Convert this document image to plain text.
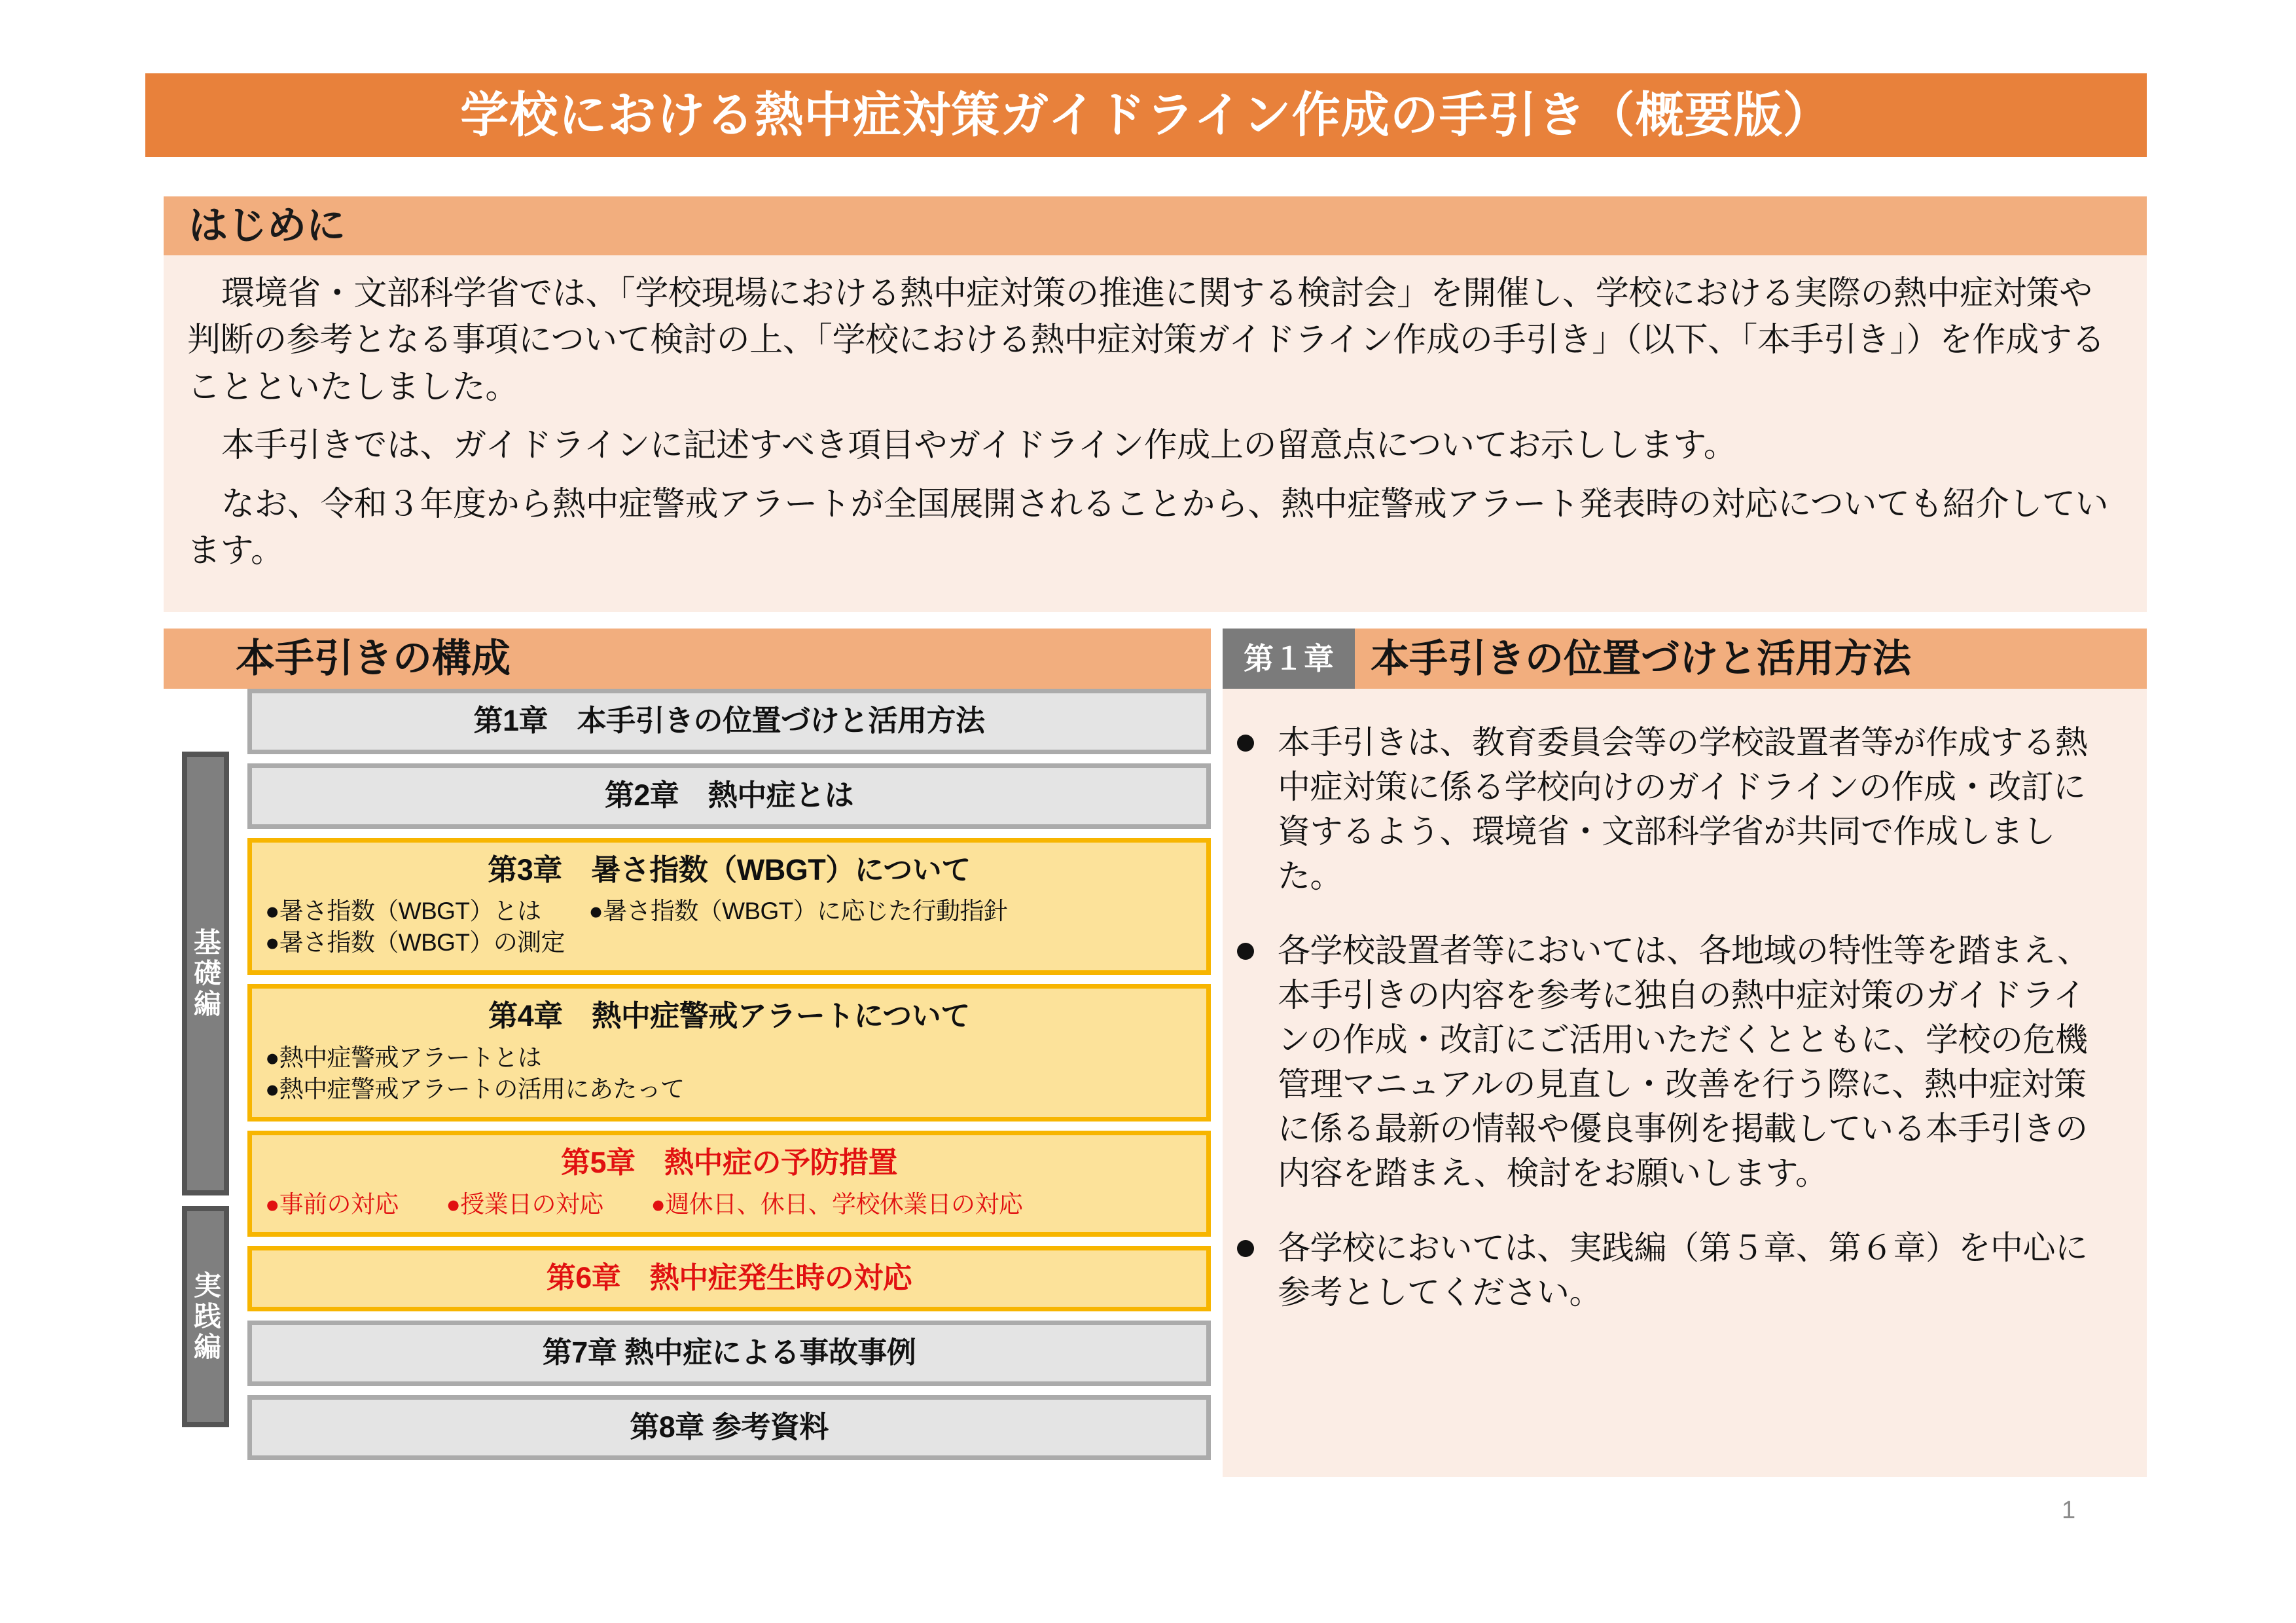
学校における熱中症対策ガイドライン作成の手引き（概要版）
はじめに

環境省・文部科学省では、「学校現場における熱中症対策の推進に関する検討会」を開催し、学校における実際の熱中症対策や判断の参考となる事項について検討の上、「学校における熱中症対策ガイドライン作成の手引き」（以下、「本手引き」）を作成することといたしました。

本手引きでは、ガイドラインに記述すべき項目やガイドライン作成上の留意点についてお示しします。

なお、令和３年度から熱中症警戒アラートが全国展開されることから、熱中症警戒アラート発表時の対応についても紹介しています。

本手引きの構成	第１章 本手引きの位置づけと活用方法
基礎編
実践編
第1章　本手引きの位置づけと活用方法
第2章　熱中症とは
第3章　暑さ指数（WBGT）について
●暑さ指数（WBGT）とは　　●暑さ指数（WBGT）に応じた行動指針
●暑さ指数（WBGT）の測定
第4章　熱中症警戒アラートについて
●熱中症警戒アラートとは
●熱中症警戒アラートの活用にあたって
第5章　熱中症の予防措置
●事前の対応　　●授業日の対応　　●週休日、休日、学校休業日の対応
第6章　熱中症発生時の対応
第7章 熱中症による事故事例
第8章 参考資料
本手引きは、教育委員会等の学校設置者等が作成する熱中症対策に係る学校向けのガイドラインの作成・改訂に資するよう、環境省・文部科学省が共同で作成しました。
各学校設置者等においては、各地域の特性等を踏まえ、本手引きの内容を参考に独自の熱中症対策のガイドラインの作成・改訂にご活用いただくとともに、学校の危機管理マニュアルの見直し・改善を行う際に、熱中症対策に係る最新の情報や優良事例を掲載している本手引きの内容を踏まえ、検討をお願いします。
各学校においては、実践編（第５章、第６章）を中心に参考としてください。
1
